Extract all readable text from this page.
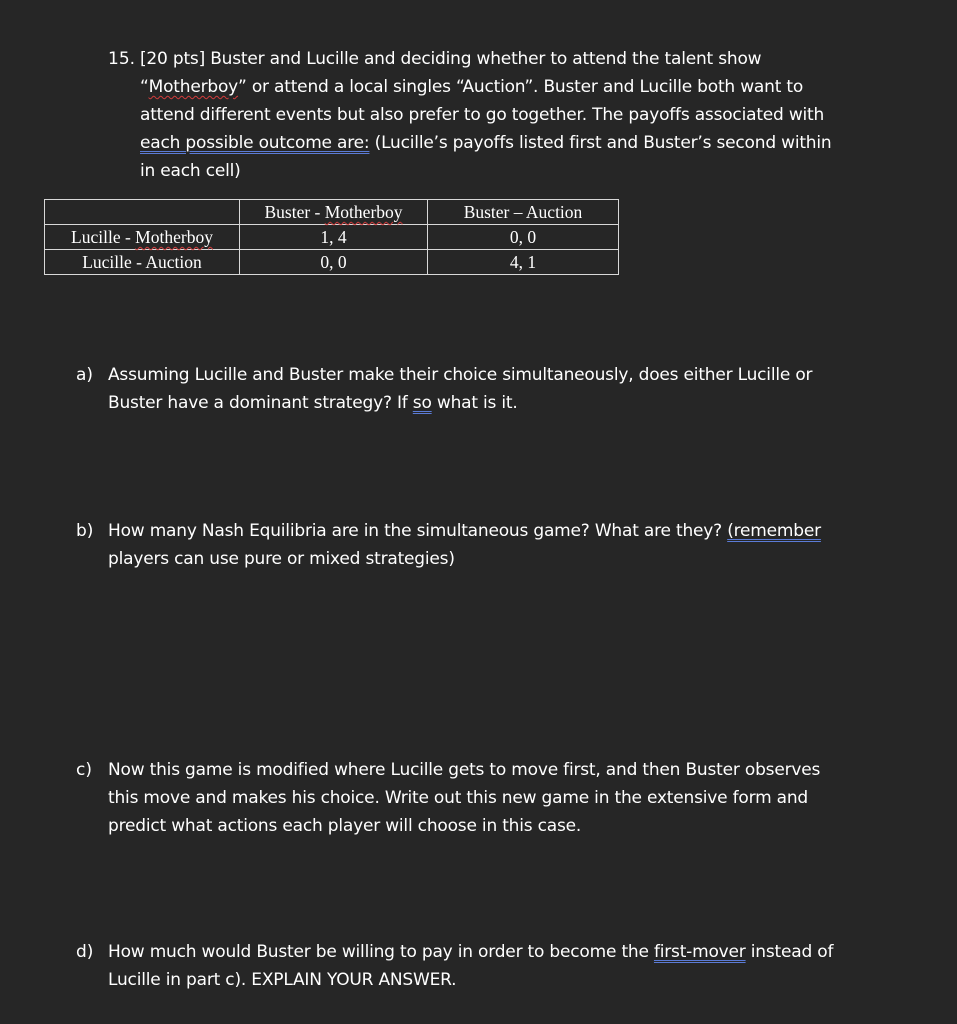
15. [20 pts] Buster and Lucille and deciding whether to attend the talent show
“Motherboy” or attend a local singles “Auction”. Buster and Lucille both want to
attend different events but also prefer to go together. The payoffs associated with
each possible outcome are: (Lucille’s payoffs listed first and Buster’s second within
in each cell)
	Buster - Motherboy	Buster – Auction
Lucille - Motherboy	1, 4	0, 0
Lucille - Auction	0, 0	4, 1
a) Assuming Lucille and Buster make their choice simultaneously, does either Lucille or
Buster have a dominant strategy? If so what is it.
b) How many Nash Equilibria are in the simultaneous game? What are they? (remember
players can use pure or mixed strategies)
c) Now this game is modified where Lucille gets to move first, and then Buster observes
this move and makes his choice. Write out this new game in the extensive form and
predict what actions each player will choose in this case.
d) How much would Buster be willing to pay in order to become the first-mover instead of
Lucille in part c). EXPLAIN YOUR ANSWER.
